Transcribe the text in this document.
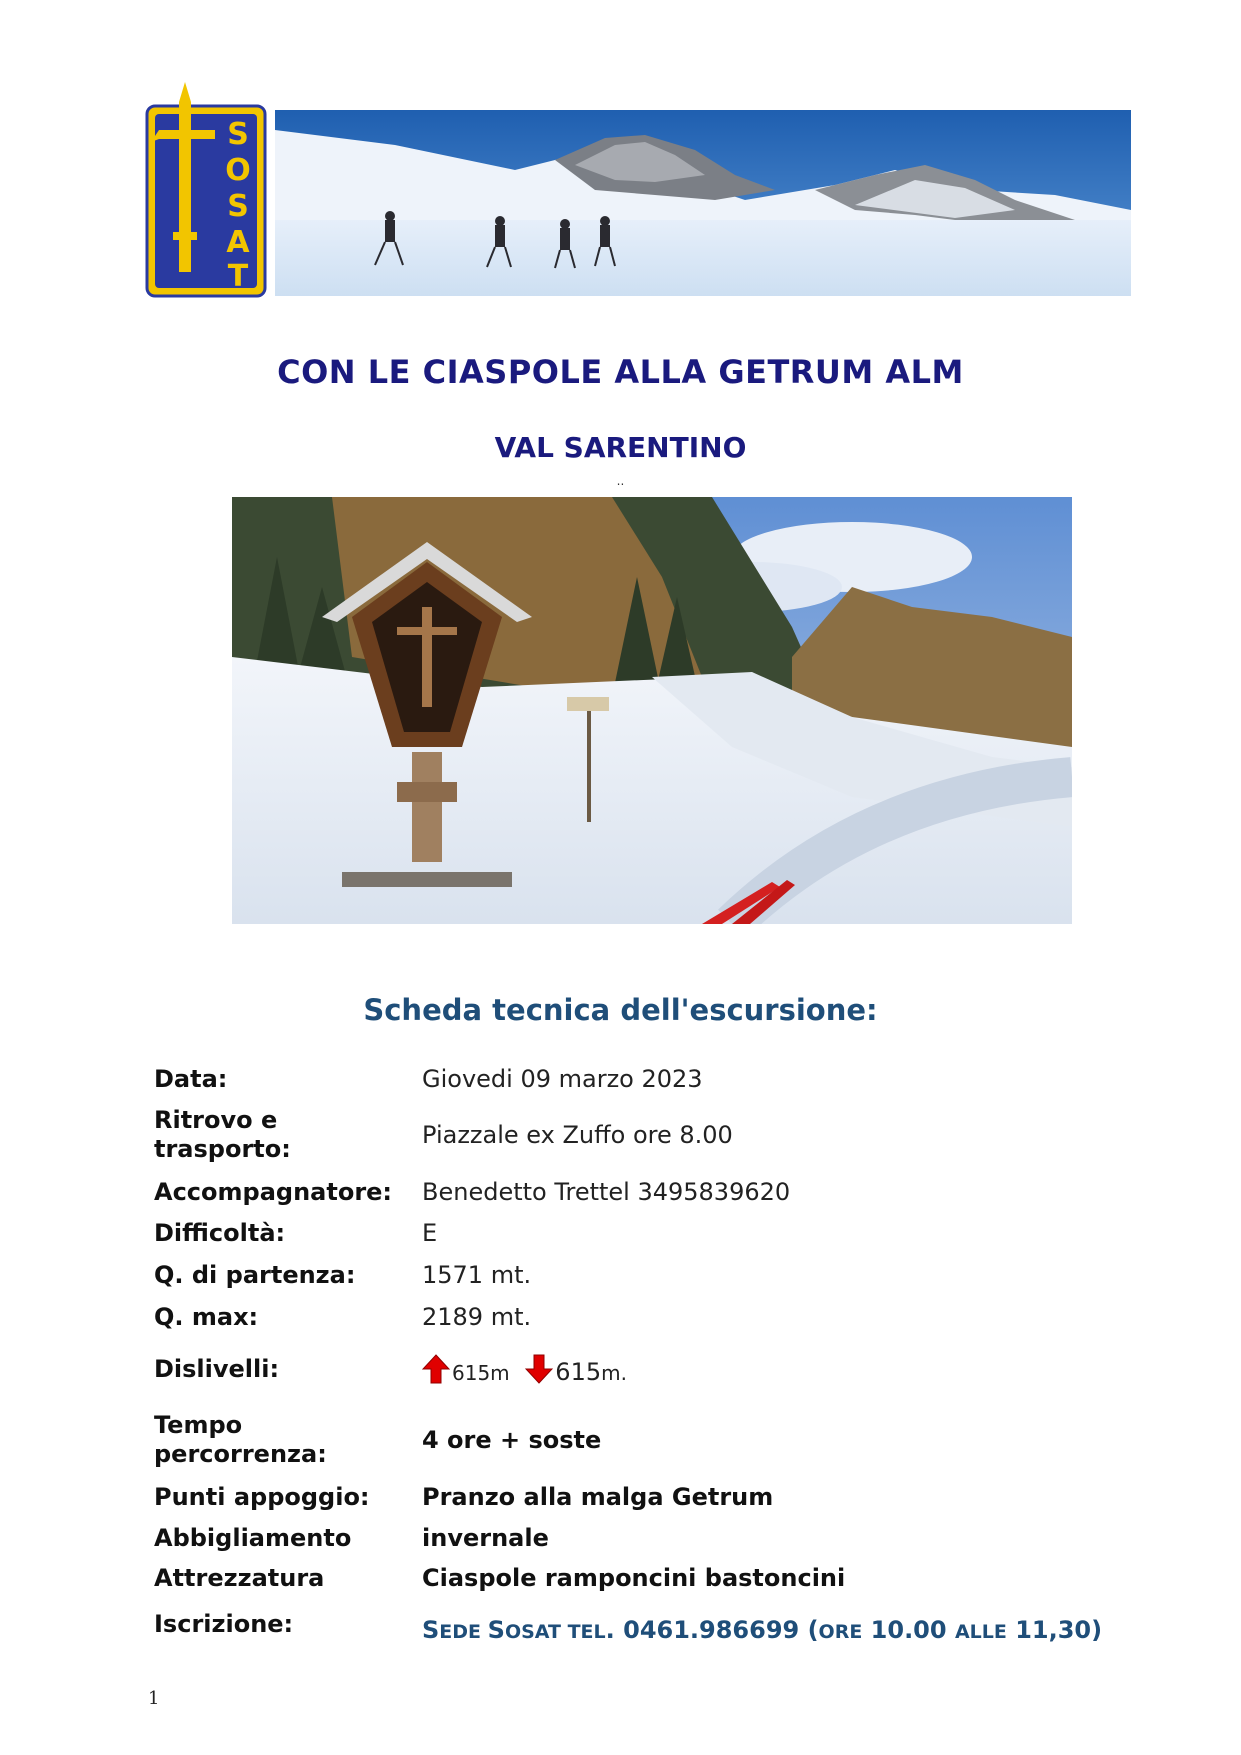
S
O
S
A
T
CON LE CIASPOLE ALLA GETRUM ALM
VAL SARENTINO
..
Scheda tecnica dell'escursione:
Data:	Giovedi 09 marzo 2023
Ritrovo e
trasporto:	Piazzale ex Zuffo ore 8.00
Accompagnatore: Benedetto Trettel 3495839620
Difficoltà:	E
Q. di partenza:	1571 mt.
Q. max:	2189 mt.
Dislivelli:	615m 615m.
Tempo
percorrenza:	4 ore + soste
Punti appoggio: Pranzo alla malga Getrum
Abbigliamento	invernale
Attrezzatura	Ciaspole ramponcini bastoncini
Iscrizione:	SEDE SOSAT TEL. 0461.986699 (ORE 10.00 ALLE 11,30)
1
